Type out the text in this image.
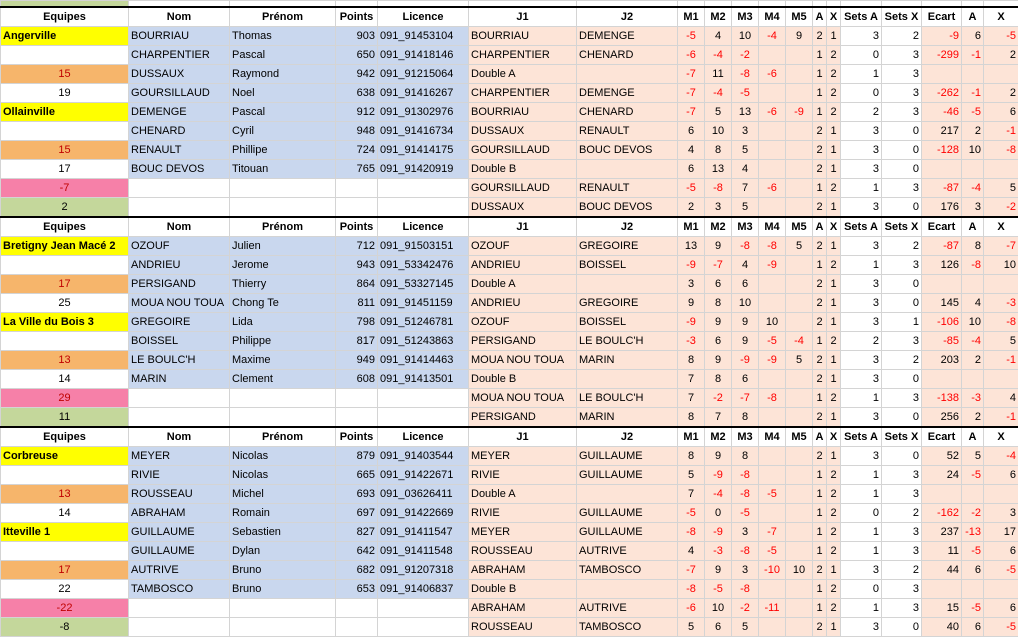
Equipes	Nom	Prénom	Points	Licence	J1	J2	M1	M2	M3	M4	M5	A	X	Sets A	Sets X	Ecart	A	X
Angerville	BOURRIAU	Thomas	903	091_91453104	BOURRIAU	DEMENGE	-5	4	10	-4	9	2	1	3	2	-9	6	-5
	CHARPENTIER	Pascal	650	091_91418146	CHARPENTIER	CHENARD	-6	-4	-2			1	2	0	3	-299	-1	2
15	DUSSAUX	Raymond	942	091_91215064	Double A		-7	11	-8	-6		1	2	1	3			
19	GOURSILLAUD	Noel	638	091_91416267	CHARPENTIER	DEMENGE	-7	-4	-5			1	2	0	3	-262	-1	2
Ollainville	DEMENGE	Pascal	912	091_91302976	BOURRIAU	CHENARD	-7	5	13	-6	-9	1	2	2	3	-46	-5	6
	CHENARD	Cyril	948	091_91416734	DUSSAUX	RENAULT	6	10	3			2	1	3	0	217	2	-1
15	RENAULT	Phillipe	724	091_91414175	GOURSILLAUD	BOUC DEVOS	4	8	5			2	1	3	0	-128	10	-8
17	BOUC DEVOS	Titouan	765	091_91420919	Double B		6	13	4			2	1	3	0			
-7					GOURSILLAUD	RENAULT	-5	-8	7	-6		1	2	1	3	-87	-4	5
2					DUSSAUX	BOUC DEVOS	2	3	5			2	1	3	0	176	3	-2
Equipes	Nom	Prénom	Points	Licence	J1	J2	M1	M2	M3	M4	M5	A	X	Sets A	Sets X	Ecart	A	X
Bretigny Jean Macé 2	OZOUF	Julien	712	091_91503151	OZOUF	GREGOIRE	13	9	-8	-8	5	2	1	3	2	-87	8	-7
	ANDRIEU	Jerome	943	091_53342476	ANDRIEU	BOISSEL	-9	-7	4	-9		1	2	1	3	126	-8	10
17	PERSIGAND	Thierry	864	091_53327145	Double A		3	6	6			2	1	3	0			
25	MOUA NOU TOUA	Chong Te	811	091_91451159	ANDRIEU	GREGOIRE	9	8	10			2	1	3	0	145	4	-3
La Ville du Bois 3	GREGOIRE	Lida	798	091_51246781	OZOUF	BOISSEL	-9	9	9	10		2	1	3	1	-106	10	-8
	BOISSEL	Philippe	817	091_51243863	PERSIGAND	LE BOULC'H	-3	6	9	-5	-4	1	2	2	3	-85	-4	5
13	LE BOULC'H	Maxime	949	091_91414463	MOUA NOU TOUA	MARIN	8	9	-9	-9	5	2	1	3	2	203	2	-1
14	MARIN	Clement	608	091_91413501	Double B		7	8	6			2	1	3	0			
29					MOUA NOU TOUA	LE BOULC'H	7	-2	-7	-8		1	2	1	3	-138	-3	4
11					PERSIGAND	MARIN	8	7	8			2	1	3	0	256	2	-1
Equipes	Nom	Prénom	Points	Licence	J1	J2	M1	M2	M3	M4	M5	A	X	Sets A	Sets X	Ecart	A	X
Corbreuse	MEYER	Nicolas	879	091_91403544	MEYER	GUILLAUME	8	9	8			2	1	3	0	52	5	-4
	RIVIE	Nicolas	665	091_91422671	RIVIE	GUILLAUME	5	-9	-8			1	2	1	3	24	-5	6
13	ROUSSEAU	Michel	693	091_03626411	Double A		7	-4	-8	-5		1	2	1	3			
14	ABRAHAM	Romain	697	091_91422669	RIVIE	GUILLAUME	-5	0	-5			1	2	0	2	-162	-2	3
Itteville 1	GUILLAUME	Sebastien	827	091_91411547	MEYER	GUILLAUME	-8	-9	3	-7		1	2	1	3	237	-13	17
	GUILLAUME	Dylan	642	091_91411548	ROUSSEAU	AUTRIVE	4	-3	-8	-5		1	2	1	3	11	-5	6
17	AUTRIVE	Bruno	682	091_91207318	ABRAHAM	TAMBOSCO	-7	9	3	-10	10	2	1	3	2	44	6	-5
22	TAMBOSCO	Bruno	653	091_91406837	Double B		-8	-5	-8			1	2	0	3			
-22					ABRAHAM	AUTRIVE	-6	10	-2	-11		1	2	1	3	15	-5	6
-8					ROUSSEAU	TAMBOSCO	5	6	5			2	1	3	0	40	6	-5
